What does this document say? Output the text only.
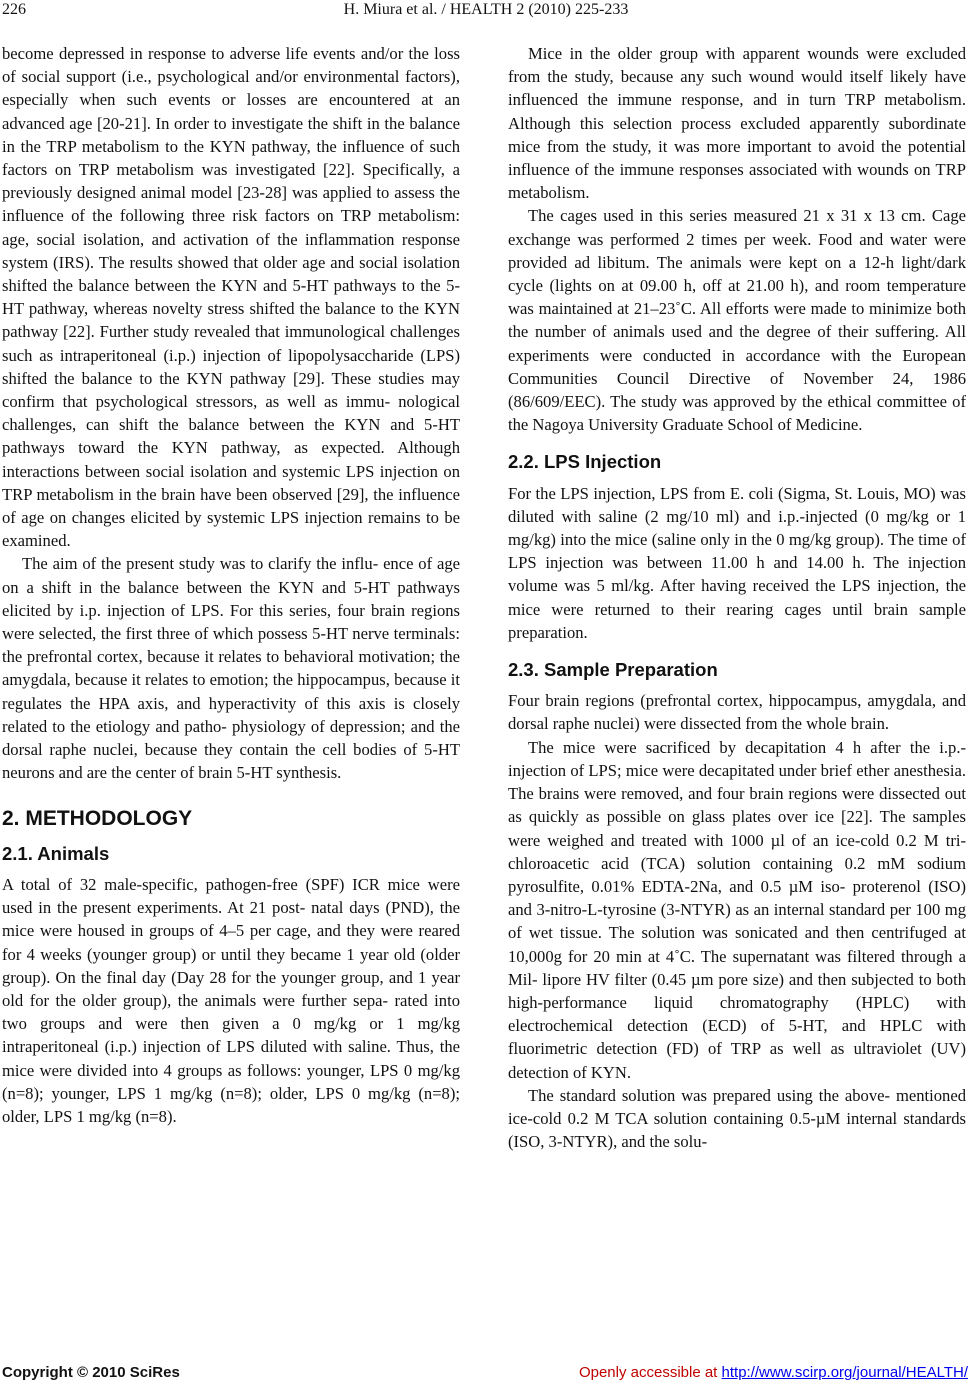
226	H. Miura et al. / HEALTH 2 (2010) 225-233

become depressed in response to adverse life events and/or the loss of social support (i.e., psychological and/or environmental factors), especially when such events or losses are encountered at an advanced age [20-21]. In order to investigate the shift in the balance in the TRP metabolism to the KYN pathway, the influence of such factors on TRP metabolism was investigated [22]. Specifically, a previously designed animal model [23-28] was applied to assess the influence of the following three risk factors on TRP metabolism: age, social isolation, and activation of the inflammation response system (IRS). The results showed that older age and social isolation shifted the balance between the KYN and 5-HT pathways to the 5-HT pathway, whereas novelty stress shifted the balance to the KYN pathway [22]. Further study revealed that immunological challenges such as intraperitoneal (i.p.) injection of lipopolysaccharide (LPS) shifted the balance to the KYN pathway [29]. These studies may confirm that psychological stressors, as well as immu- nological challenges, can shift the balance between the KYN and 5-HT pathways toward the KYN pathway, as expected. Although interactions between social isolation and systemic LPS injection on TRP metabolism in the brain have been observed [29], the influence of age on changes elicited by systemic LPS injection remains to be examined.

The aim of the present study was to clarify the influ- ence of age on a shift in the balance between the KYN and 5-HT pathways elicited by i.p. injection of LPS. For this series, four brain regions were selected, the first three of which possess 5-HT nerve terminals: the prefrontal cortex, because it relates to behavioral motivation; the amygdala, because it relates to emotion; the hippocampus, because it regulates the HPA axis, and hyperactivity of this axis is closely related to the etiology and patho- physiology of depression; and the dorsal raphe nuclei, because they contain the cell bodies of 5-HT neurons and are the center of brain 5-HT synthesis.

2. METHODOLOGY
2.1. Animals

A total of 32 male-specific, pathogen-free (SPF) ICR mice were used in the present experiments. At 21 post- natal days (PND), the mice were housed in groups of 4–5 per cage, and they were reared for 4 weeks (younger group) or until they became 1 year old (older group). On the final day (Day 28 for the younger group, and 1 year old for the older group), the animals were further sepa- rated into two groups and were then given a 0 mg/kg or 1 mg/kg intraperitoneal (i.p.) injection of LPS diluted with saline. Thus, the mice were divided into 4 groups as follows: younger, LPS 0 mg/kg (n=8); younger, LPS 1 mg/kg (n=8); older, LPS 0 mg/kg (n=8); older, LPS 1 mg/kg (n=8).

Mice in the older group with apparent wounds were excluded from the study, because any such wound would itself likely have influenced the immune response, and in turn TRP metabolism. Although this selection process excluded apparently subordinate mice from the study, it was more important to avoid the potential influence of the immune responses associated with wounds on TRP metabolism.

The cages used in this series measured 21 x 31 x 13 cm. Cage exchange was performed 2 times per week. Food and water were provided ad libitum. The animals were kept on a 12-h light/dark cycle (lights on at 09.00 h, off at 21.00 h), and room temperature was maintained at 21–23˚C. All efforts were made to minimize both the number of animals used and the degree of their suffering. All experiments were conducted in accordance with the European Communities Council Directive of November 24, 1986 (86/609/EEC). The study was approved by the ethical committee of the Nagoya University Graduate School of Medicine.

2.2. LPS Injection

For the LPS injection, LPS from E. coli (Sigma, St. Louis, MO) was diluted with saline (2 mg/10 ml) and i.p.-injected (0 mg/kg or 1 mg/kg) into the mice (saline only in the 0 mg/kg group). The time of LPS injection was between 11.00 h and 14.00 h. The injection volume was 5 ml/kg. After having received the LPS injection, the mice were returned to their rearing cages until brain sample preparation.

2.3. Sample Preparation

Four brain regions (prefrontal cortex, hippocampus, amygdala, and dorsal raphe nuclei) were dissected from the whole brain.

The mice were sacrificed by decapitation 4 h after the i.p.-injection of LPS; mice were decapitated under brief ether anesthesia. The brains were removed, and four brain regions were dissected out as quickly as possible on glass plates over ice [22]. The samples were weighed and treated with 1000 µl of an ice-cold 0.2 M tri- chloroacetic acid (TCA) solution containing 0.2 mM sodium pyrosulfite, 0.01% EDTA-2Na, and 0.5 µM iso- proterenol (ISO) and 3-nitro-L-tyrosine (3-NTYR) as an internal standard per 100 mg of wet tissue. The solution was sonicated and then centrifuged at 10,000g for 20 min at 4˚C. The supernatant was filtered through a Mil- lipore HV filter (0.45 µm pore size) and then subjected to both high-performance liquid chromatography (HPLC) with electrochemical detection (ECD) of 5-HT, and HPLC with fluorimetric detection (FD) of TRP as well as ultraviolet (UV) detection of KYN.

The standard solution was prepared using the above- mentioned ice-cold 0.2 M TCA solution containing 0.5-µM internal standards (ISO, 3-NTYR), and the solu-

Copyright © 2010 SciRes	Openly accessible at http://www.scirp.org/journal/HEALTH/
